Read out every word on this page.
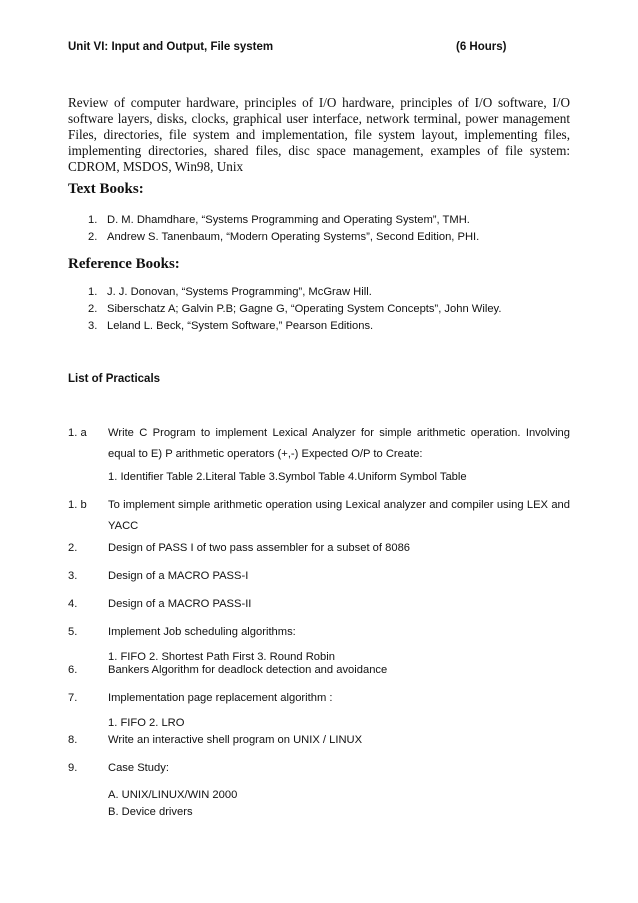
Unit VI: Input and Output, File system	(6 Hours)
Review of computer hardware, principles of I/O hardware, principles of I/O software, I/O software layers, disks, clocks, graphical user interface, network terminal, power management Files, directories, file system and implementation, file system layout, implementing files, implementing directories, shared files, disc space management, examples of file system: CDROM, MSDOS, Win98, Unix
Text Books:
1. D. M. Dhamdhare, “Systems Programming and Operating System”, TMH.
2. Andrew S. Tanenbaum, “Modern Operating Systems”, Second Edition, PHI.
Reference Books:
1. J. J. Donovan, “Systems Programming”, McGraw Hill.
2. Siberschatz A; Galvin P.B; Gagne G, “Operating System Concepts”, John Wiley.
3. Leland L. Beck, “System Software,” Pearson Editions.
List of Practicals
1. a Write C Program to implement Lexical Analyzer for simple arithmetic operation. Involving equal to E) P arithmetic operators (+,-) Expected O/P to Create:
1. Identifier Table 2.Literal Table 3.Symbol Table 4.Uniform Symbol Table
1. b To implement simple arithmetic operation using Lexical analyzer and compiler using LEX and YACC
2.	Design of PASS I of two pass assembler for a subset of 8086
3.	Design of a MACRO PASS-I
4.	Design of a MACRO PASS-II
5.	Implement Job scheduling algorithms:
1. FIFO 2. Shortest Path First 3. Round Robin
6.	Bankers Algorithm for deadlock detection and avoidance
7.	Implementation page replacement algorithm :
1. FIFO 2. LRO
8.	Write an interactive shell program on UNIX / LINUX
9.	Case Study:
A. UNIX/LINUX/WIN 2000
B. Device drivers
